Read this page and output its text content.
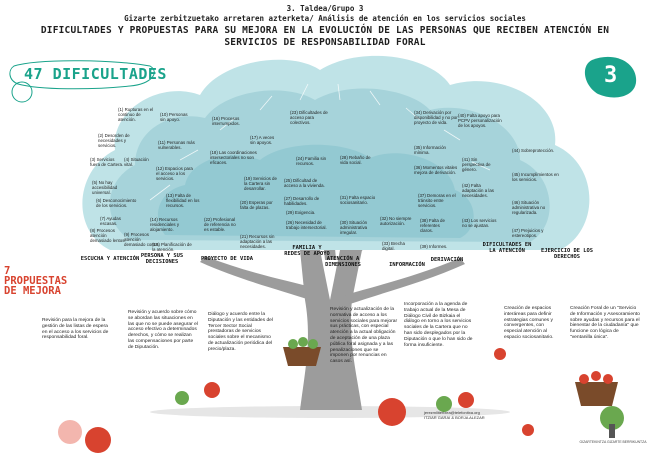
3. Taldea/Grupo 3
Gizarte zerbitzuetako arretaren azterketa/ Análisis de atención en los servicios sociales
DIFICULTADES Y PROPUESTAS PARA SU MEJORA EN LA EVOLUCIÓN DE LAS PERSONAS QUE RECIBEN ATENCIÓN EN SERVICIOS DE RESPONSABILIDAD FORAL
47 DIFICULTADES	3
(1) Rupturas en el continuo de atención.
(2) Desorden de necesidades y servicios.
(3) Servicios fuera de Cartera.
(4) Situación vital.
(5) No hay accesibilidad universal.
(6) Desconocimiento de los servicios.
(7) Ayudas escasas.
(8) Procesos atención demasiado lentos.
(9) Procesos atención demasiado cortos.
(10) Personas sin apoyo.
(11) Personas más vulnerables.
(12) Espacios para el acceso a los servicios.
(13) Falta de flexibilidad en los recursos.
(14) Recursos residenciales y alojamiento.
(15) Planificación de la atención.
(16) Procesos interrumpidos.
(17) A veces sin apoyos.
(18) Las coordinaciones intersectoriales no son eficaces.
(19) Servicios de la Cartera sin desarrollar.
(20) Esperas por falta de plazas.
(21) Recursos sin adaptación a las necesidades.
(22) Profesional de referencia no es estable.
(23) Dificultades de acceso para colectivos.
(24) Familia sin recursos.
(25) Dificultad de acceso a la vivienda.
(26) Necesidad de trabajo intersectorial.
(27) Desarrollo de habilidades.
(28) Rebaño de vida social.
(29) Exigencia.
(30) Situación administrativa irregular.
(31) Falta espacio sociosanitario.
(32) No siempre autorización.
(33) Brecha digital.
(34) Derivación por disponibilidad y no por proyecto de vida.
(35) Información mínima.
(36) Momentos vitales mejora de derivación.
(37) Demoras en el tránsito entre servicios.
(38) Falta de referentes claros.
(39) Informes.
(40) Falta apoyo para PCPV personalización de los apoyos.
(41) Sin perspectiva de género.
(42) Falta adaptación a las necesidades.
(43) Los servicios no se ajustan.
(44) Sobreprotección.
(45) Incumplimientos en los servicios.
(46) Situación administrativa no regularizada.
(47) Prejuicios y estereotipos.
ESCUCHA Y ATENCIÓN PERSONA Y SUS DECISIONES	PROYECTO DE VIDA
FAMILIA Y REDES DE APOYO
ATENCIÓN A DIMENSIONES	INFORMACIÓN
DERIVACIÓN
DIFICULTADES EN LA ATENCIÓN	EJERCICIO DE LOS DERECHOS
7
PROPUESTAS
DE MEJORA
Revisión para la mejora de la gestión de las listas de espera en el acceso a los servicios de responsabilidad foral.
Revisión y acuerdo sobre cómo se abordan las situaciones en las que no se puede asegurar el acceso efectivo a determinados derechos, y cómo se realizan las compensaciones por parte de Diputación.
Diálogo y acuerdo entre la Diputación y las entidades del Tercer Sector Social prestadoras de servicios sociales sobre el mecanismo de actualización periódica del precio/plaza.
Revisión y actualización de la normativa de acceso a los servicios sociales para mejorar sus prácticas, con especial atención a la actual obligación de aceptación de una plaza pública foral asignada y a las penalizaciones que se imponen por renuncias en casos así.
Incorporación a la agenda de trabajo actual de la Mesa de Diálogo Civil de Bizkaia el diálogo en torno a los servicios sociales de la Cartera que no han sido desplegados por la Diputación o que lo han sido de forma insuficiente.
Creación de espacios interáreas para definir estrategias comunes y convergentes, con especial atención al espacio sociosanitario.
Creación Foral de un "Servicio de Información y Asesoramiento sobre ayudas y recursos para el bienestar de la ciudadanía" que funcione con lógica de "ventanilla única".
jerezmlliterixea@telefonitxa.org
ITZIAR GARAI & BORJA ALEZAR
GIZARTEKINTZA GIZARTE BERRIKUNTZA
